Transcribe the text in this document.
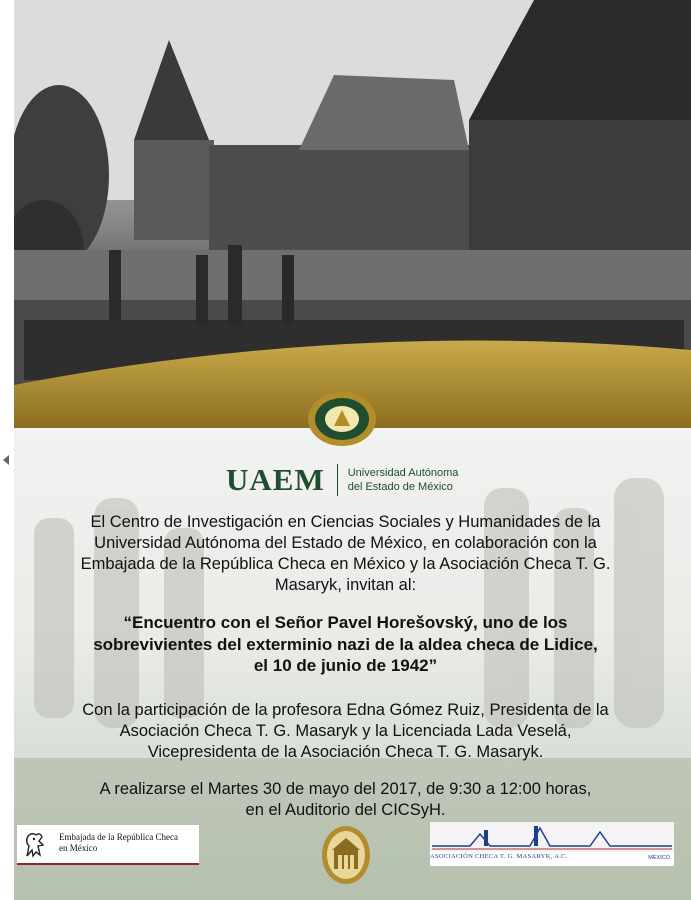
UAEM Universidad Autónoma
del Estado de México
El Centro de Investigación en Ciencias Sociales y Humanidades de la
Universidad Autónoma del Estado de México, en colaboración con la
Embajada de la República Checa en México y la Asociación Checa T. G.
Masaryk, invitan al:
“Encuentro con el Señor Pavel Horešovský, uno de los
sobrevivientes del exterminio nazi de la aldea checa de Lidice,
el 10 de junio de 1942”
Con la participación de la profesora Edna Gómez Ruiz, Presidenta de la
Asociación Checa T. G. Masaryk y la Licenciada Lada Veselá,
Vicepresidenta de la Asociación Checa T. G. Masaryk.
A realizarse el Martes 30 de mayo del 2017, de 9:30 a 12:00 horas,
en el Auditorio del CICSyH.
Embajada de la República Checa
en México
ASOCIACIÓN CHECA T. G. MASARYK, A.C.	MÉXICO
